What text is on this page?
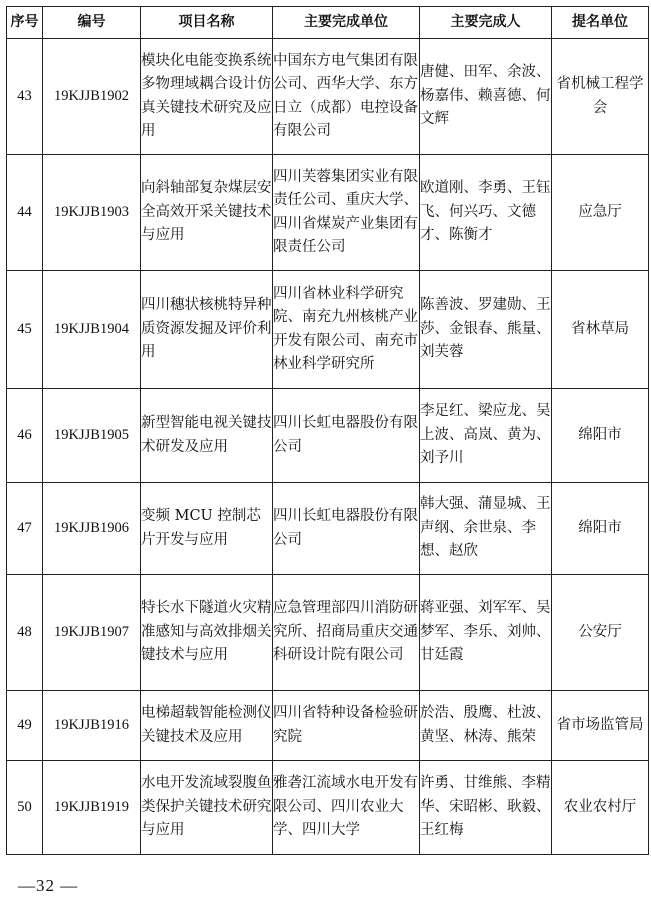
序号	编号	项目名称	主要完成单位	主要完成人	提名单位
43	19KJJB1902	模块化电能变换系统多物理域耦合设计仿真关键技术研究及应用	中国东方电气集团有限公司、西华大学、东方日立（成都）电控设备有限公司	唐健、田军、余波、杨嘉伟、赖喜德、何文辉	省机械工程学会
44	19KJJB1903	向斜轴部复杂煤层安全高效开采关键技术与应用	四川芙蓉集团实业有限责任公司、重庆大学、四川省煤炭产业集团有限责任公司	欧道刚、李勇、王钰飞、何兴巧、文德才、陈衡才	应急厅
45	19KJJB1904	四川穗状核桃特异种质资源发掘及评价利用	四川省林业科学研究院、南充九州核桃产业开发有限公司、南充市林业科学研究所	陈善波、罗建勋、王莎、金银春、熊量、刘芙蓉	省林草局
46	19KJJB1905	新型智能电视关键技术研发及应用	四川长虹电器股份有限公司	李足红、梁应龙、吴上波、高岚、黄为、刘予川	绵阳市
47	19KJJB1906	变频 MCU 控制芯片开发与应用	四川长虹电器股份有限公司	韩大强、蒲显城、王声纲、余世泉、李想、赵欣	绵阳市
48	19KJJB1907	特长水下隧道火灾精准感知与高效排烟关键技术与应用	应急管理部四川消防研究所、招商局重庆交通科研设计院有限公司	蒋亚强、刘军军、吴梦军、李乐、刘帅、甘廷霞	公安厅
49	19KJJB1916	电梯超载智能检测仪关键技术及应用	四川省特种设备检验研究院	於浩、殷鹰、杜波、黄坚、林涛、熊荣	省市场监管局
50	19KJJB1919	水电开发流域裂腹鱼类保护关键技术研究与应用	雅砻江流域水电开发有限公司、四川农业大学、四川大学	许勇、甘维熊、李精华、宋昭彬、耿毅、王红梅	农业农村厅
—32 —
